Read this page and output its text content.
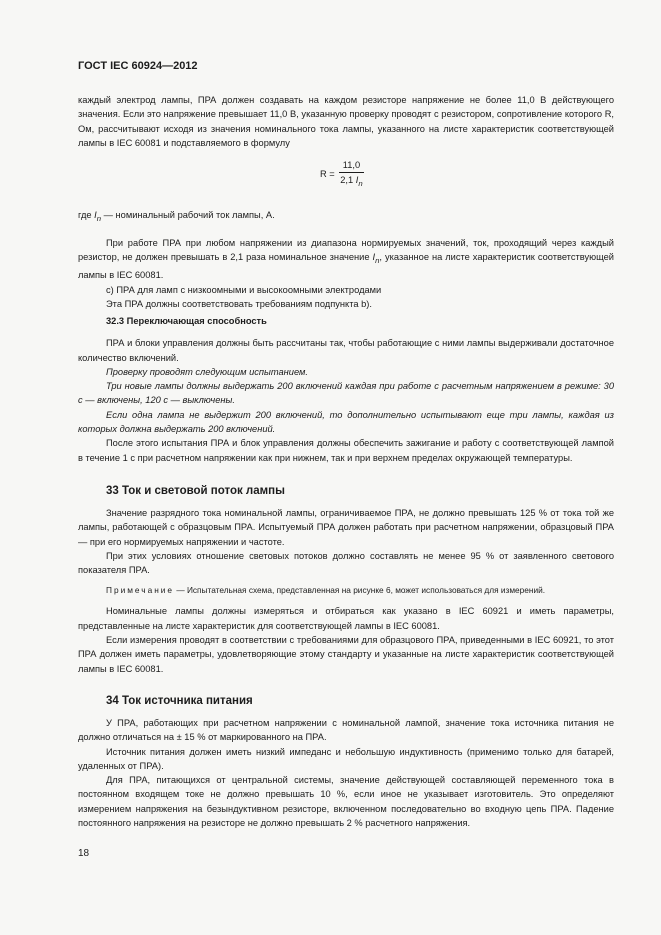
ГОСТ IEC 60924—2012

каждый электрод лампы, ПРА должен создавать на каждом резисторе напряжение не более 11,0 В действующего значения. Если это напряжение превышает 11,0 В, указанную проверку проводят с резистором, сопротивление которого R, Ом, рассчитывают исходя из значения номинального тока лампы, указанного на листе характеристик соответствующей лампы в IEC 60081 и подставляемого в формулу

$R = \frac{11,0}{2,1 I_n}$

где $I_n$ — номинальный рабочий ток лампы, А.

При работе ПРА при любом напряжении из диапазона нормируемых значений, ток, проходящий через каждый резистор, не должен превышать в 2,1 раза номинальное значение $I_n$, указанное на листе характеристик соответствующей лампы в IEC 60081.

c) ПРА для ламп с низкоомными и высокоомными электродами

Эта ПРА должны соответствовать требованиям подпункта b).

32.3 Переключающая способность

ПРА и блоки управления должны быть рассчитаны так, чтобы работающие с ними лампы выдерживали достаточное количество включений.

Проверку проводят следующим испытанием.

Три новые лампы должны выдержать 200 включений каждая при работе с расчетным напряжением в режиме: 30 с — включены, 120 с — выключены.

Если одна лампа не выдержит 200 включений, то дополнительно испытывают еще три лампы, каждая из которых должна выдержать 200 включений.

После этого испытания ПРА и блок управления должны обеспечить зажигание и работу с соответствующей лампой в течение 1 с при расчетном напряжении как при нижнем, так и при верхнем пределах окружающей температуры.

33 Ток и световой поток лампы

Значение разрядного тока номинальной лампы, ограничиваемое ПРА, не должно превышать 125 % от тока той же лампы, работающей с образцовым ПРА. Испытуемый ПРА должен работать при расчетном напряжении, образцовый ПРА — при его нормируемых напряжении и частоте.

При этих условиях отношение световых потоков должно составлять не менее 95 % от заявленного светового показателя ПРА.

Примечание — Испытательная схема, представленная на рисунке 6, может использоваться для измерений.

Номинальные лампы должны измеряться и отбираться как указано в IEC 60921 и иметь параметры, представленные на листе характеристик для соответствующей лампы в IEC 60081.

Если измерения проводят в соответствии с требованиями для образцового ПРА, приведенными в IEC 60921, то этот ПРА должен иметь параметры, удовлетворяющие этому стандарту и указанные на листе характеристик соответствующей лампы в IEC 60081.

34 Ток источника питания

У ПРА, работающих при расчетном напряжении с номинальной лампой, значение тока источника питания не должно отличаться на ± 15 % от маркированного на ПРА.

Источник питания должен иметь низкий импеданс и небольшую индуктивность (применимо только для батарей, удаленных от ПРА).

Для ПРА, питающихся от центральной системы, значение действующей составляющей переменного тока в постоянном входящем токе не должно превышать 10 %, если иное не указывает изготовитель. Это определяют измерением напряжения на безындуктивном резисторе, включенном последовательно во входную цепь ПРА. Падение постоянного напряжения на резисторе не должно превышать 2 % расчетного напряжения.

18
